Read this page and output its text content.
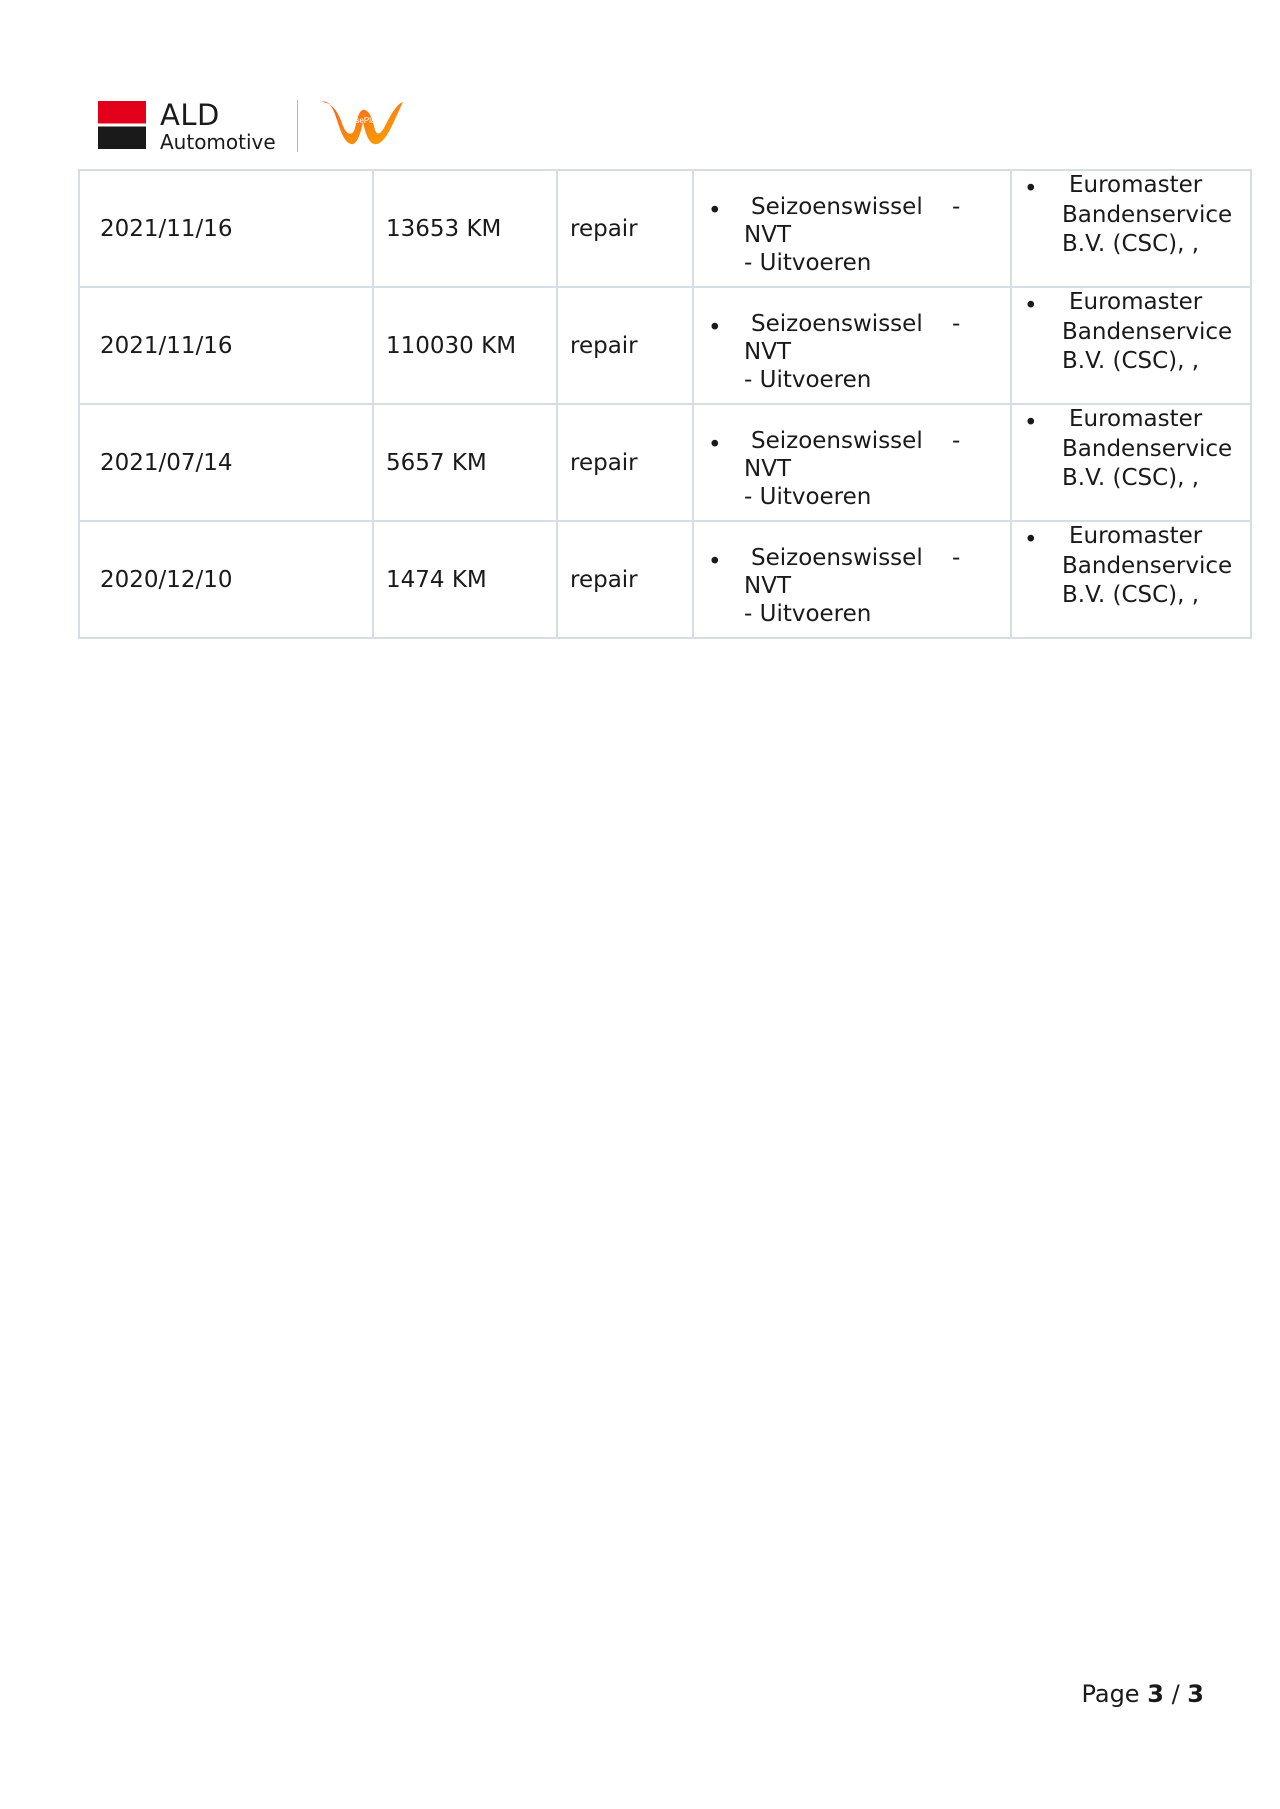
ALD
Automotive
LeasePlan
2021/11/16	13653 KM	repair	• Seizoenswissel -
NVT
- Uitvoeren	• Euromaster
Bandenservice
B.V. (CSC), ,

2021/11/16	110030 KM	repair	• Seizoenswissel -
NVT
- Uitvoeren	• Euromaster
Bandenservice
B.V. (CSC), ,

2021/07/14	5657 KM	repair	• Seizoenswissel -
NVT
- Uitvoeren	• Euromaster
Bandenservice
B.V. (CSC), ,

2020/12/10	1474 KM	repair	• Seizoenswissel -
NVT
- Uitvoeren	• Euromaster
Bandenservice
B.V. (CSC), ,
Page 3 / 3
